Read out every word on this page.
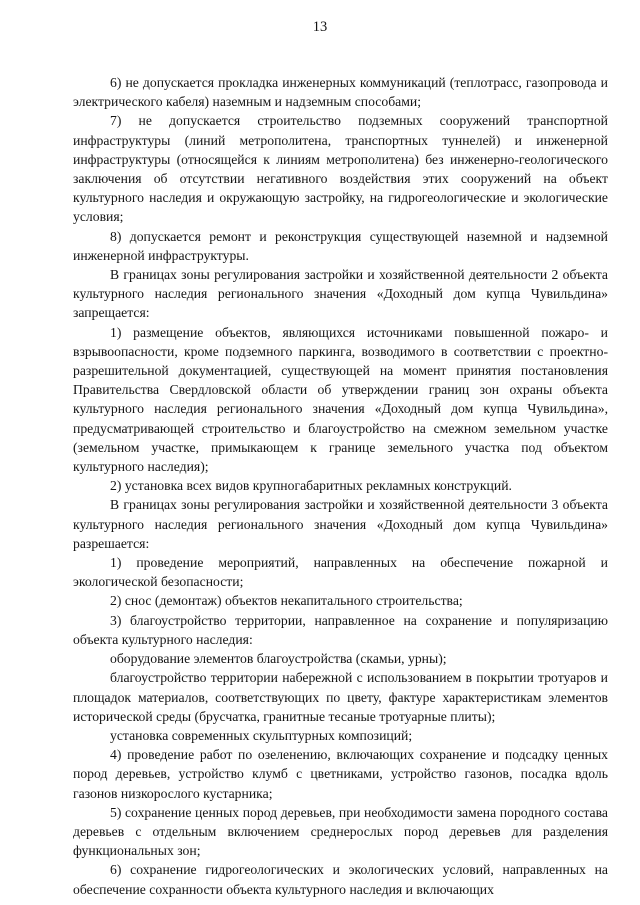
13

6) не допускается прокладка инженерных коммуникаций (теплотрасс, газопровода и электрического кабеля) наземным и надземным способами;

7) не допускается строительство подземных сооружений транспортной инфраструктуры (линий метрополитена, транспортных туннелей) и инженерной инфраструктуры (относящейся к линиям метрополитена) без инженерно-геологического заключения об отсутствии негативного воздействия этих сооружений на объект культурного наследия и окружающую застройку, на гидрогеологические и экологические условия;

8) допускается ремонт и реконструкция существующей наземной и надземной инженерной инфраструктуры.

В границах зоны регулирования застройки и хозяйственной деятельности 2 объекта культурного наследия регионального значения «Доходный дом купца Чувильдина» запрещается:

1) размещение объектов, являющихся источниками повышенной пожаро- и взрывоопасности, кроме подземного паркинга, возводимого в соответствии с проектно-разрешительной документацией, существующей на момент принятия постановления Правительства Свердловской области об утверждении границ зон охраны объекта культурного наследия регионального значения «Доходный дом купца Чувильдина», предусматривающей строительство и благоустройство на смежном земельном участке (земельном участке, примыкающем к границе земельного участка под объектом культурного наследия);

2) установка всех видов крупногабаритных рекламных конструкций.

В границах зоны регулирования застройки и хозяйственной деятельности 3 объекта культурного наследия регионального значения «Доходный дом купца Чувильдина» разрешается:

1) проведение мероприятий, направленных на обеспечение пожарной и экологической безопасности;

2) снос (демонтаж) объектов некапитального строительства;

3) благоустройство территории, направленное на сохранение и популяризацию объекта культурного наследия:

оборудование элементов благоустройства (скамьи, урны);

благоустройство территории набережной с использованием в покрытии тротуаров и площадок материалов, соответствующих по цвету, фактуре характеристикам элементов исторической среды (брусчатка, гранитные тесаные тротуарные плиты);

установка современных скульптурных композиций;

4) проведение работ по озеленению, включающих сохранение и подсадку ценных пород деревьев, устройство клумб с цветниками, устройство газонов, посадка вдоль газонов низкорослого кустарника;

5) сохранение ценных пород деревьев, при необходимости замена породного состава деревьев с отдельным включением среднерослых пород деревьев для разделения функциональных зон;

6) сохранение гидрогеологических и экологических условий, направленных на обеспечение сохранности объекта культурного наследия и включающих
